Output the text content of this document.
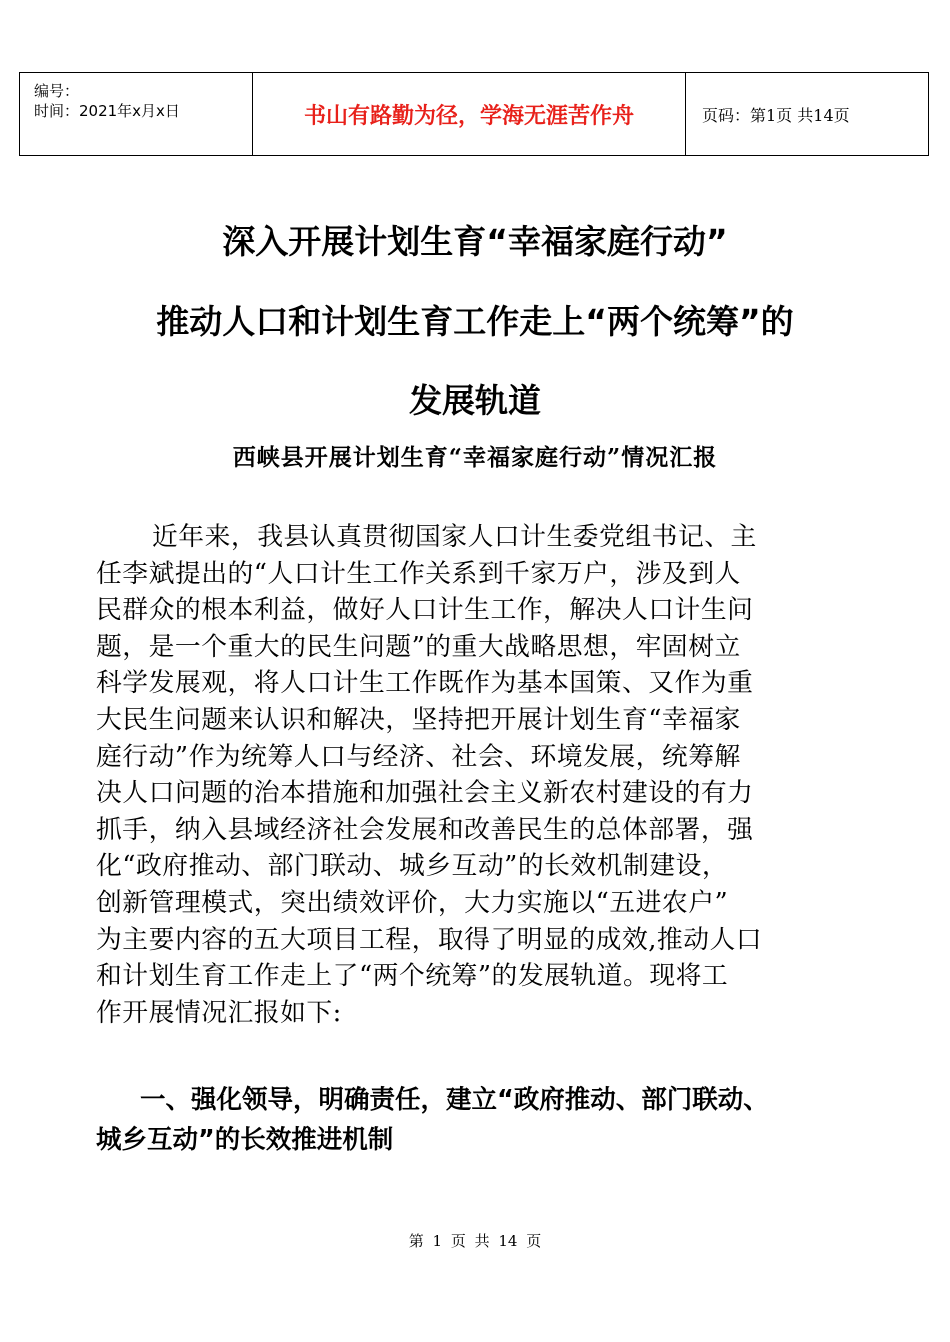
编号：
时间：2021年x月x日	书山有路勤为径，学海无涯苦作舟	页码：第1页 共14页
深入开展计划生育“幸福家庭行动”
推动人口和计划生育工作走上“两个统筹”的
发展轨道
西峡县开展计划生育“幸福家庭行动”情况汇报
近年来，我县认真贯彻国家人口计生委党组书记、主
任李斌提出的“人口计生工作关系到千家万户，涉及到人
民群众的根本利益，做好人口计生工作，解决人口计生问
题，是一个重大的民生问题”的重大战略思想，牢固树立
科学发展观，将人口计生工作既作为基本国策、又作为重
大民生问题来认识和解决，坚持把开展计划生育“幸福家
庭行动”作为统筹人口与经济、社会、环境发展，统筹解
决人口问题的治本措施和加强社会主义新农村建设的有力
抓手，纳入县域经济社会发展和改善民生的总体部署，强
化“政府推动、部门联动、城乡互动”的长效机制建设，
创新管理模式，突出绩效评价，大力实施以“五进农户”
为主要内容的五大项目工程，取得了明显的成效,推动人口
和计划生育工作走上了“两个统筹”的发展轨道。现将工
作开展情况汇报如下:
一、强化领导，明确责任，建立“政府推动、部门联动、
城乡互动”的长效推进机制
第 1 页 共 14 页
